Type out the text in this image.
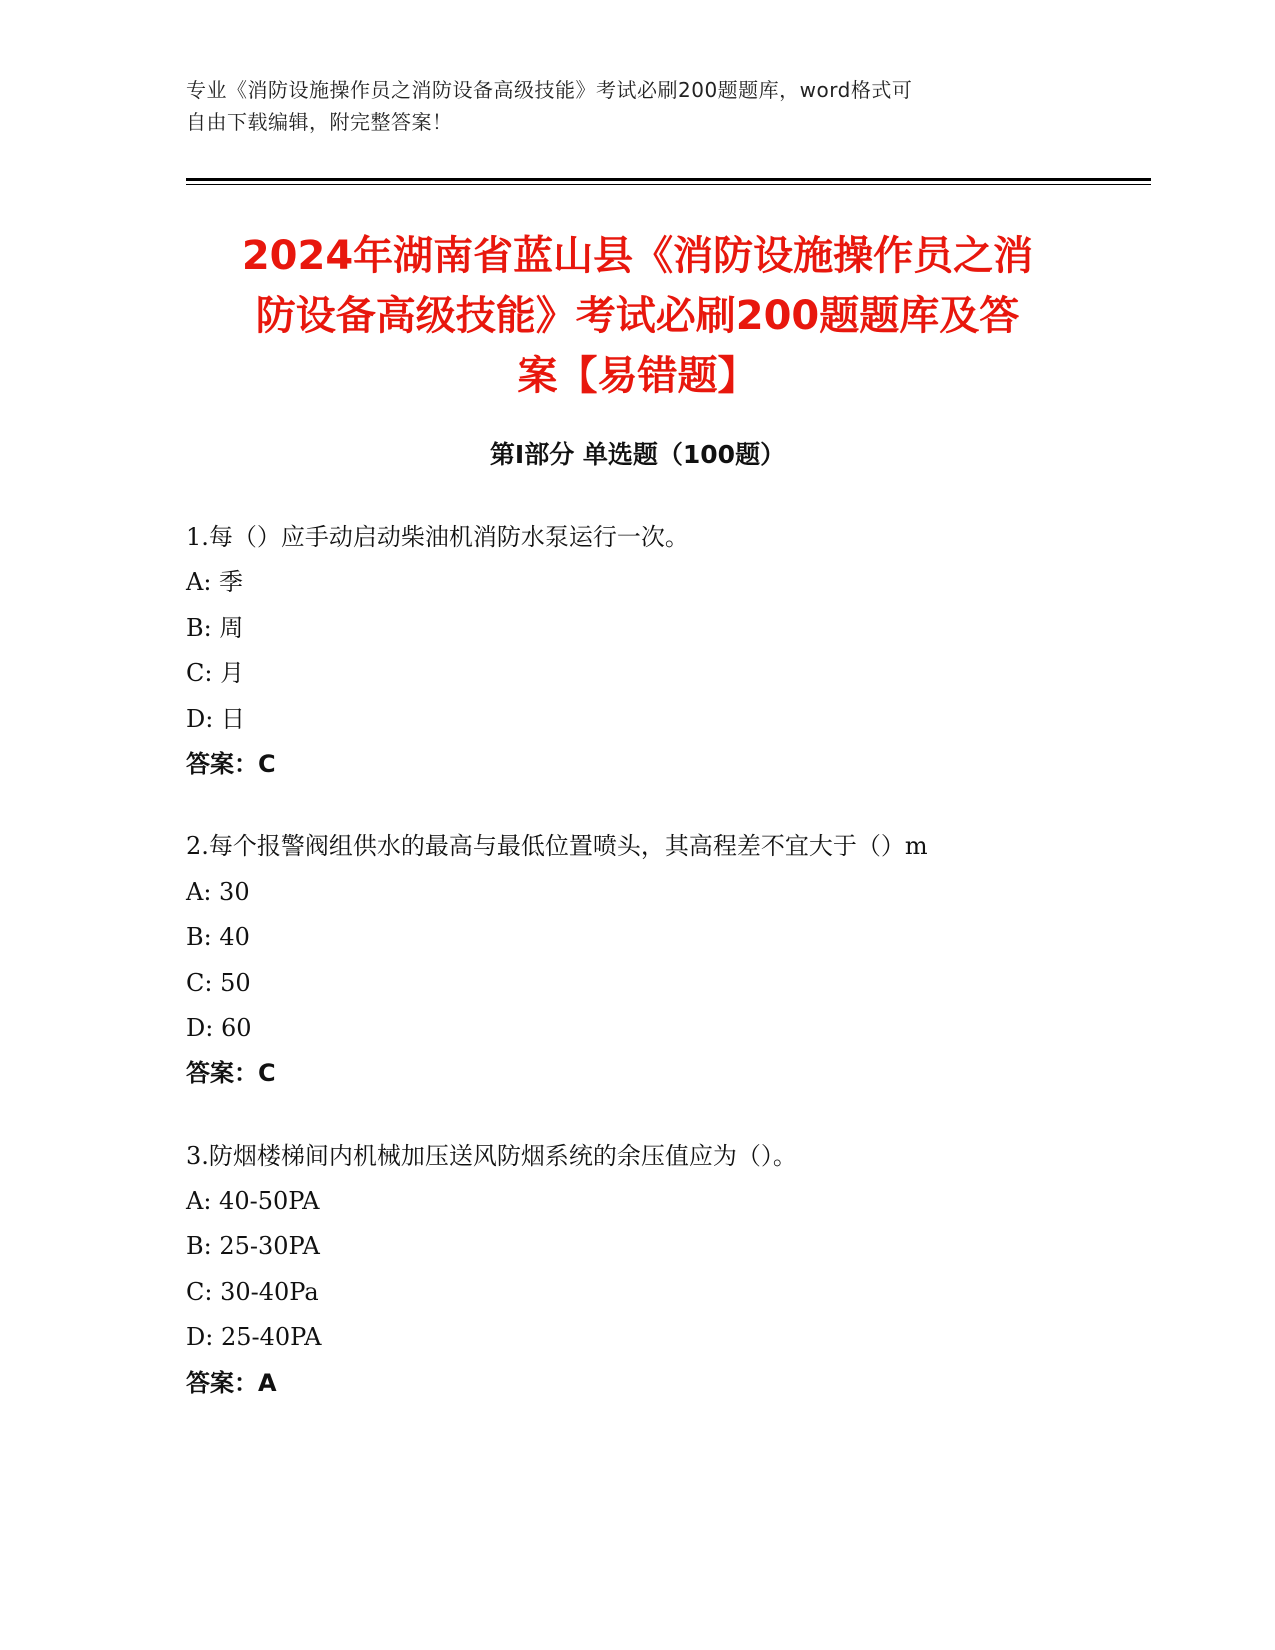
专业《消防设施操作员之消防设备高级技能》考试必刷200题题库，word格式可
自由下载编辑，附完整答案！
2024年湖南省蓝山县《消防设施操作员之消
防设备高级技能》考试必刷200题题库及答
案【易错题】
第I部分 单选题（100题）
1.每（）应手动启动柴油机消防水泵运行一次。
A: 季
B: 周
C: 月
D: 日
答案：C
2.每个报警阀组供水的最高与最低位置喷头，其高程差不宜大于（）m
A: 30
B: 40
C: 50
D: 60
答案：C
3.防烟楼梯间内机械加压送风防烟系统的余压值应为（）。
A: 40-50PA
B: 25-30PA
C: 30-40Pa
D: 25-40PA
答案：A
